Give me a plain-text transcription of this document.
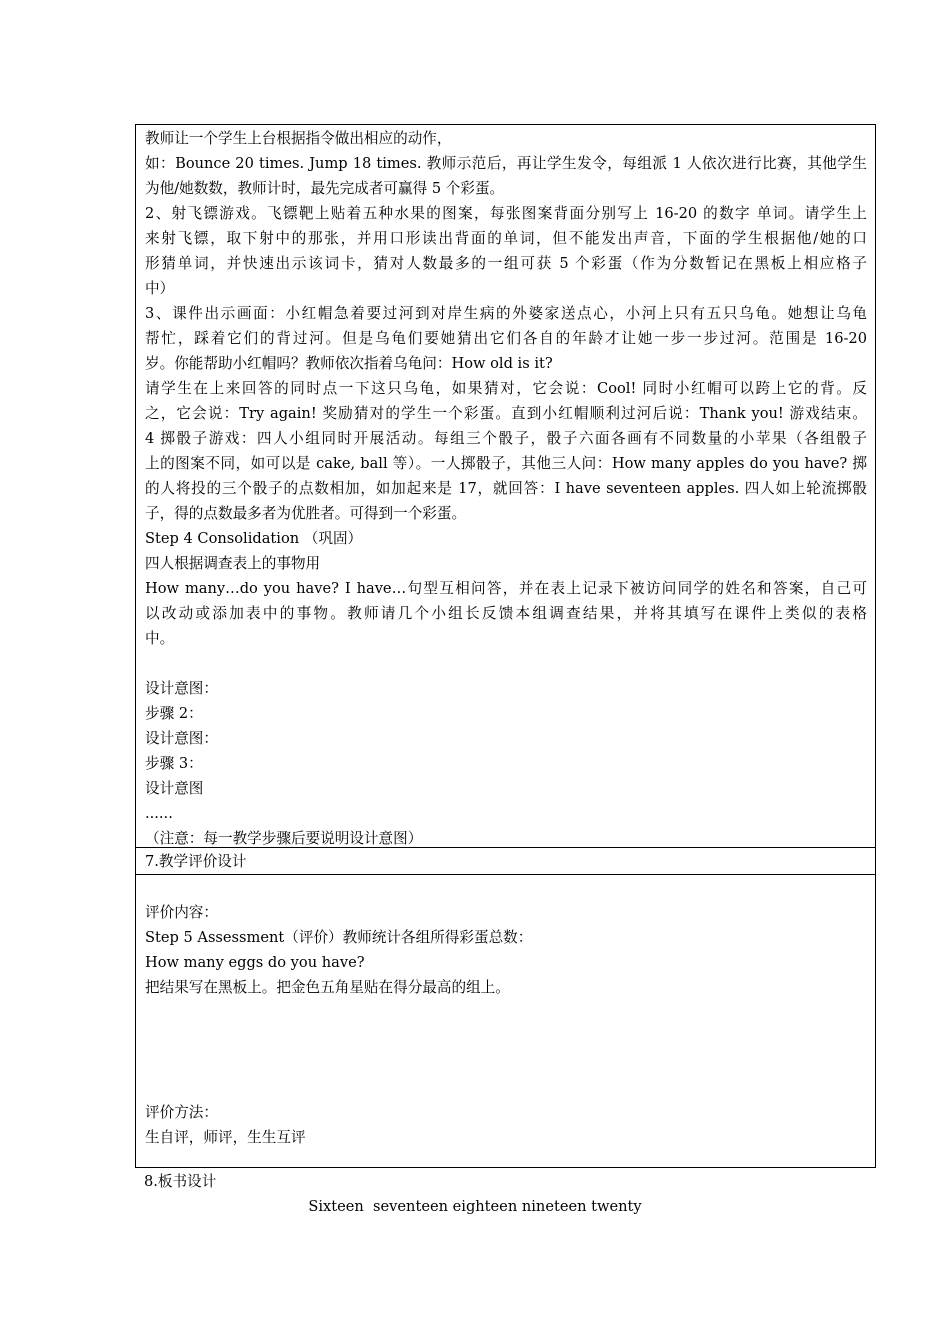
教师让一个学生上台根据指令做出相应的动作，
如：Bounce 20 times. Jump 18 times. 教师示范后，再让学生发令，每组派 1 人依次进行比赛，其他学生
为他/她数数，教师计时，最先完成者可赢得 5 个彩蛋。
2、射飞镖游戏。飞镖靶上贴着五种水果的图案，每张图案背面分别写上 16-20 的数字 单词。请学生上
来射飞镖，取下射中的那张，并用口形读出背面的单词，但不能发出声音，下面的学生根据他/她的口
形猜单词，并快速出示该词卡，猜对人数最多的一组可获 5 个彩蛋（作为分数暂记在黑板上相应格子
中）
3、课件出示画面：小红帽急着要过河到对岸生病的外婆家送点心，小河上只有五只乌龟。她想让乌龟
帮忙，踩着它们的背过河。但是乌龟们要她猜出它们各自的年龄才让她一步一步过河。范围是 16-20
岁。你能帮助小红帽吗？教师依次指着乌龟问：How old is it?
请学生在上来回答的同时点一下这只乌龟，如果猜对，它会说：Cool! 同时小红帽可以跨上它的背。反
之，它会说：Try again! 奖励猜对的学生一个彩蛋。直到小红帽顺利过河后说：Thank you! 游戏结束。
4 掷骰子游戏：四人小组同时开展活动。每组三个骰子，骰子六面各画有不同数量的小苹果（各组骰子
上的图案不同，如可以是 cake, ball 等）。一人掷骰子，其他三人问：How many apples do you have? 掷
的人将投的三个骰子的点数相加，如加起来是 17，就回答：I have seventeen apples. 四人如上轮流掷骰
子，得的点数最多者为优胜者。可得到一个彩蛋。
Step 4 Consolidation （巩固）
四人根据调查表上的事物用
How many…do you have? I have…句型互相问答，并在表上记录下被访问同学的姓名和答案，自己可
以改动或添加表中的事物。教师请几个小组长反馈本组调查结果，并将其填写在课件上类似的表格
中。
设计意图：
步骤 2：
设计意图：
步骤 3：
设计意图
......
（注意：每一教学步骤后要说明设计意图）
7.教学评价设计
评价内容：
Step 5 Assessment（评价）教师统计各组所得彩蛋总数：
How many eggs do you have?
把结果写在黑板上。把金色五角星贴在得分最高的组上。
评价方法：
生自评，师评，生生互评
8.板书设计
Sixteen  seventeen eighteen nineteen twenty
